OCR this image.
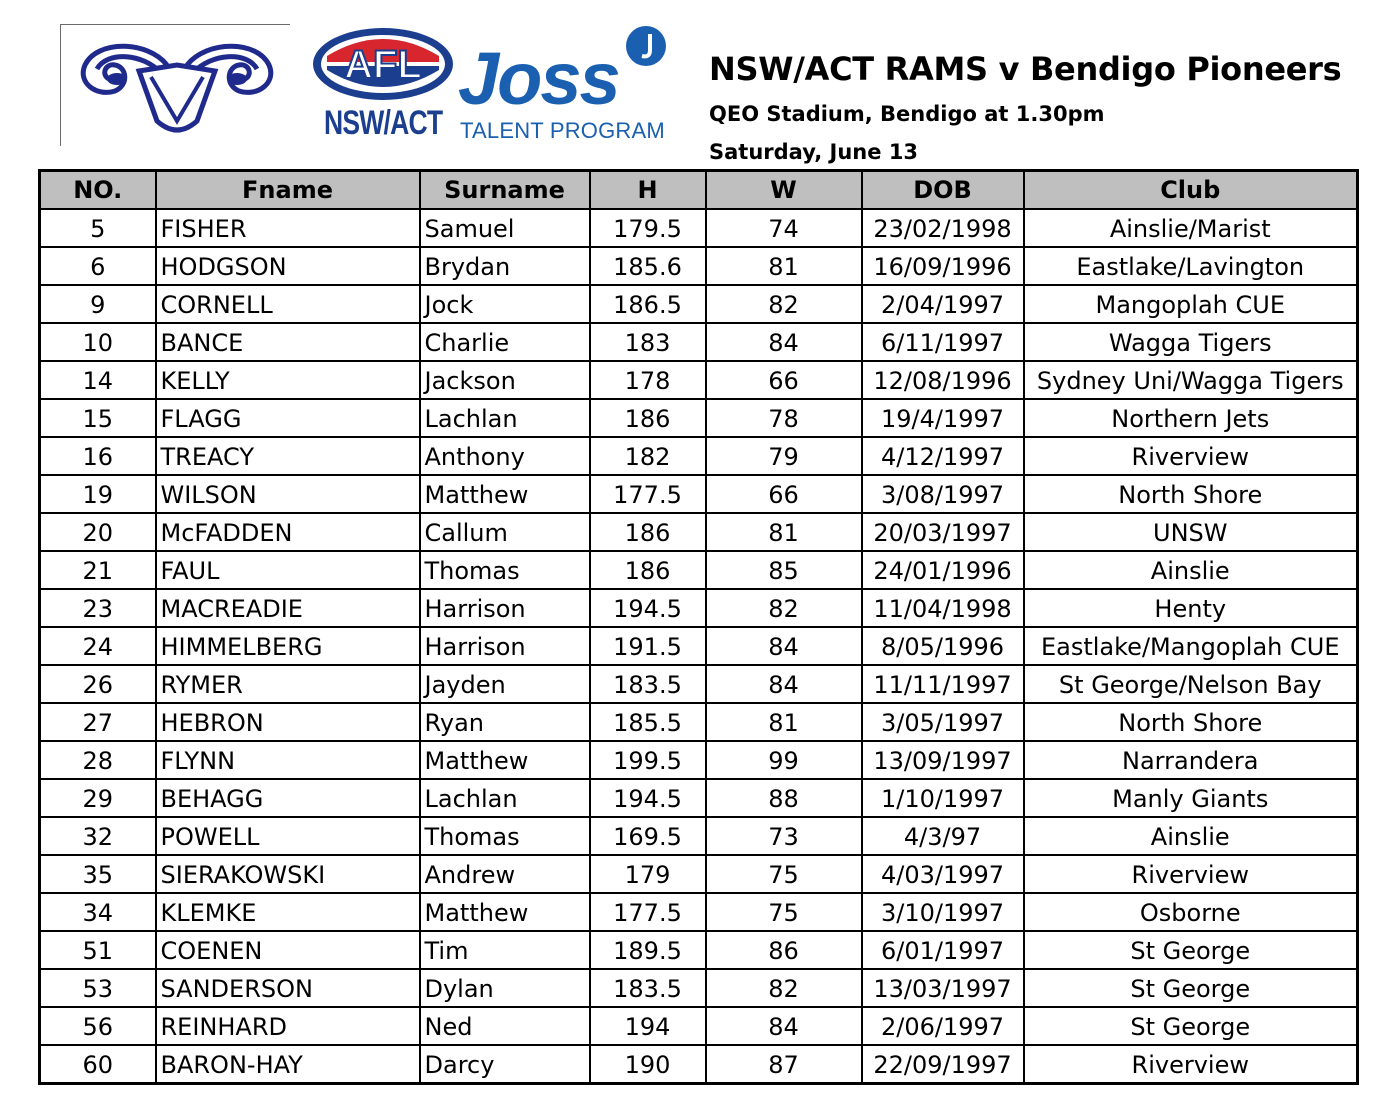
AFL
NSW/ACT
Joss
TALENT PROGRAM
NSW/ACT RAMS v Bendigo Pioneers
QEO Stadium, Bendigo at 1.30pm
Saturday, June 13
NO.	Fname	Surname	H	W	DOB	Club
5	FISHER	Samuel	179.5	74	23/02/1998	Ainslie/Marist
6	HODGSON	Brydan	185.6	81	16/09/1996	Eastlake/Lavington
9	CORNELL	Jock	186.5	82	2/04/1997	Mangoplah CUE
10	BANCE	Charlie	183	84	6/11/1997	Wagga Tigers
14	KELLY	Jackson	178	66	12/08/1996	Sydney Uni/Wagga Tigers
15	FLAGG	Lachlan	186	78	19/4/1997	Northern Jets
16	TREACY	Anthony	182	79	4/12/1997	Riverview
19	WILSON	Matthew	177.5	66	3/08/1997	North Shore
20	McFADDEN	Callum	186	81	20/03/1997	UNSW
21	FAUL	Thomas	186	85	24/01/1996	Ainslie
23	MACREADIE	Harrison	194.5	82	11/04/1998	Henty
24	HIMMELBERG	Harrison	191.5	84	8/05/1996	Eastlake/Mangoplah CUE
26	RYMER	Jayden	183.5	84	11/11/1997	St George/Nelson Bay
27	HEBRON	Ryan	185.5	81	3/05/1997	North Shore
28	FLYNN	Matthew	199.5	99	13/09/1997	Narrandera
29	BEHAGG	Lachlan	194.5	88	1/10/1997	Manly Giants
32	POWELL	Thomas	169.5	73	4/3/97	Ainslie
35	SIERAKOWSKI	Andrew	179	75	4/03/1997	Riverview
34	KLEMKE	Matthew	177.5	75	3/10/1997	Osborne
51	COENEN	Tim	189.5	86	6/01/1997	St George
53	SANDERSON	Dylan	183.5	82	13/03/1997	St George
56	REINHARD	Ned	194	84	2/06/1997	St George
60	BARON-HAY	Darcy	190	87	22/09/1997	Riverview
